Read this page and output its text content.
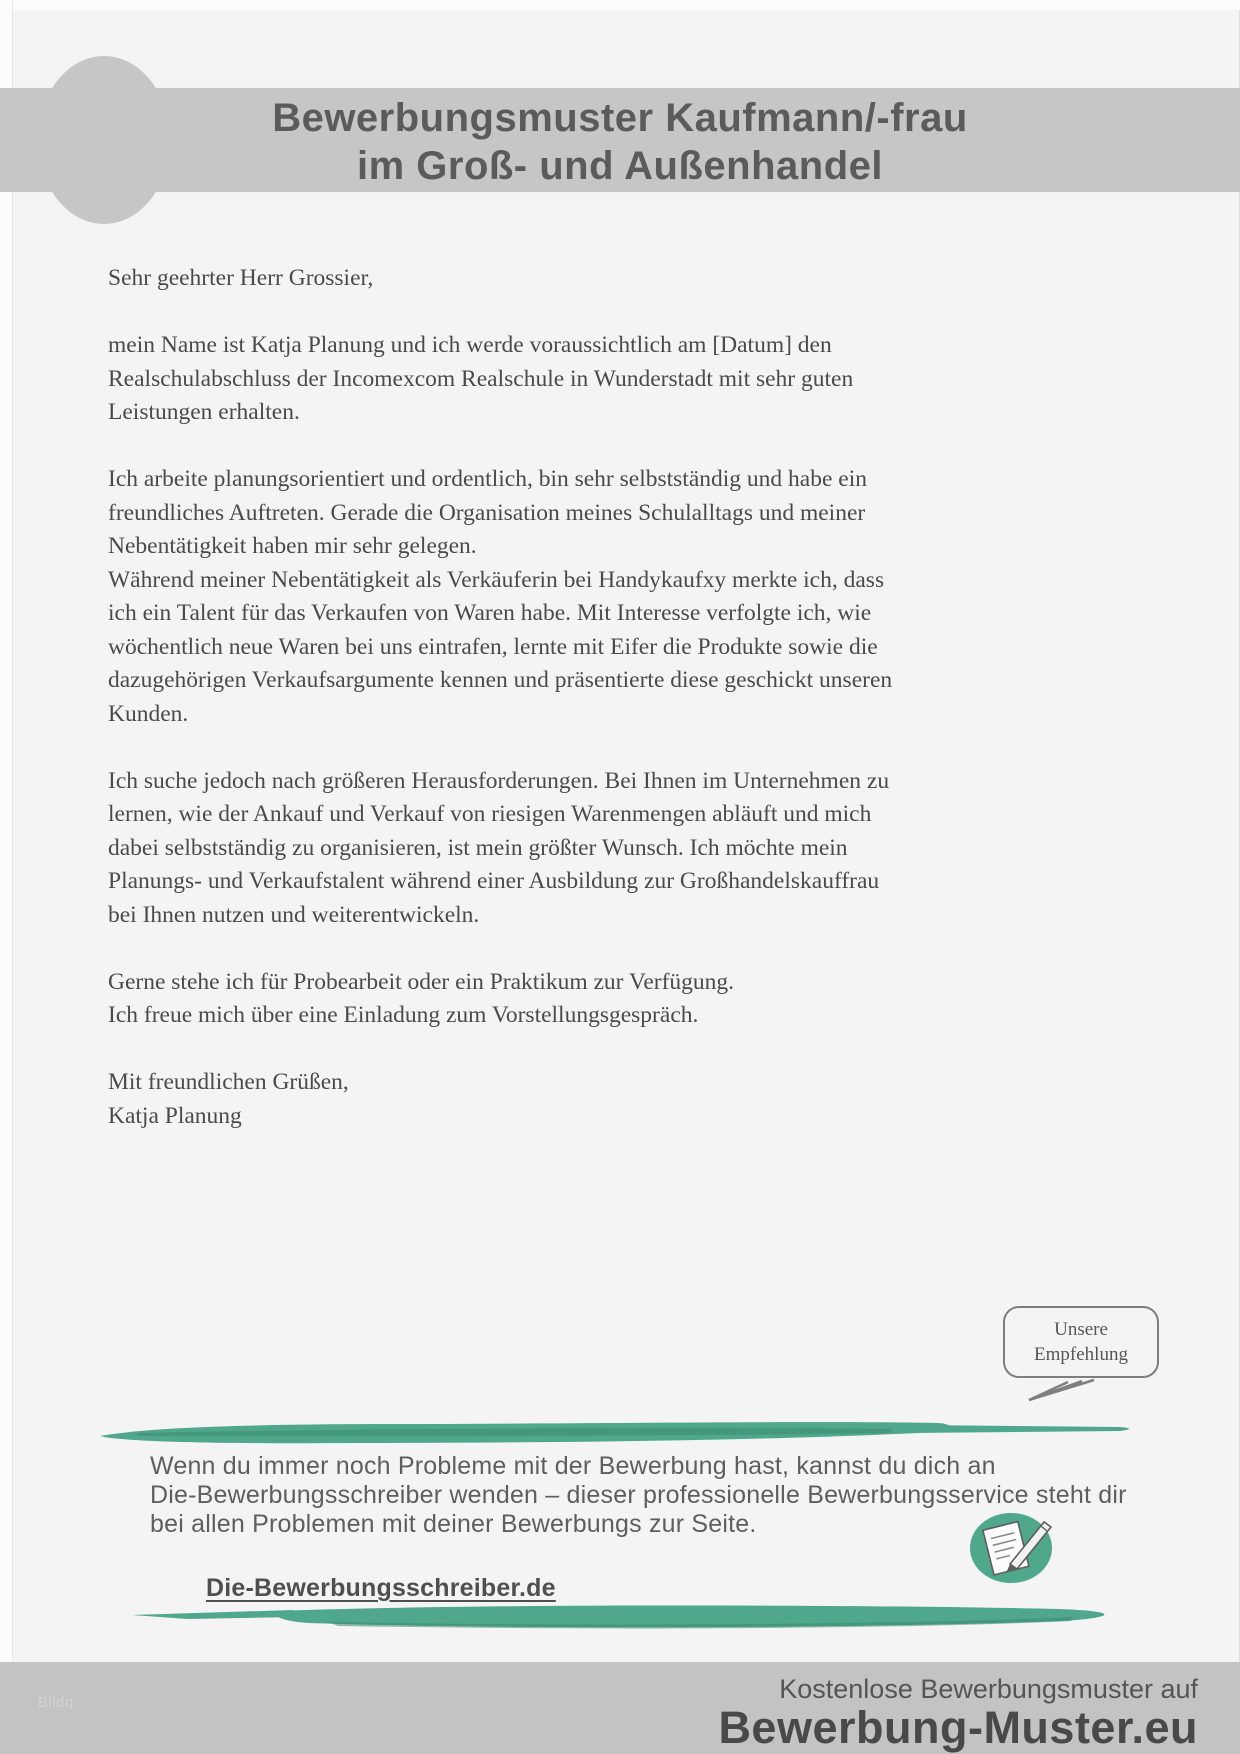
Bewerbungsmuster Kaufmann/-frau
im Groß- und Außenhandel
Sehr geehrter Herr Grossier,
mein Name ist Katja Planung und ich werde voraussichtlich am [Datum] den
Realschulabschluss der Incomexcom Realschule in Wunderstadt mit sehr guten
Leistungen erhalten.
Ich arbeite planungsorientiert und ordentlich, bin sehr selbstständig und habe ein
freundliches Auftreten. Gerade die Organisation meines Schulalltags und meiner
Nebentätigkeit haben mir sehr gelegen.
Während meiner Nebentätigkeit als Verkäuferin bei Handykaufxy merkte ich, dass
ich ein Talent für das Verkaufen von Waren habe. Mit Interesse verfolgte ich, wie
wöchentlich neue Waren bei uns eintrafen, lernte mit Eifer die Produkte sowie die
dazugehörigen Verkaufsargumente kennen und präsentierte diese geschickt unseren
Kunden.
Ich suche jedoch nach größeren Herausforderungen. Bei Ihnen im Unternehmen zu
lernen, wie der Ankauf und Verkauf von riesigen Warenmengen abläuft und mich
dabei selbstständig zu organisieren, ist mein größter Wunsch. Ich möchte mein
Planungs- und Verkaufstalent während einer Ausbildung zur Großhandelskauffrau
bei Ihnen nutzen und weiterentwickeln.
Gerne stehe ich für Probearbeit oder ein Praktikum zur Verfügung.
Ich freue mich über eine Einladung zum Vorstellungsgespräch.
Mit freundlichen Grüßen,
Katja Planung
Unsere
Empfehlung
Wenn du immer noch Probleme mit der Bewerbung hast, kannst du dich an
Die-Bewerbungsschreiber wenden – dieser professionelle Bewerbungsservice steht dir
bei allen Problemen mit deiner Bewerbungs zur Seite.
Die-Bewerbungsschreiber.de
Kostenlose Bewerbungsmuster auf
Bewerbung-Muster.eu
Bildq
